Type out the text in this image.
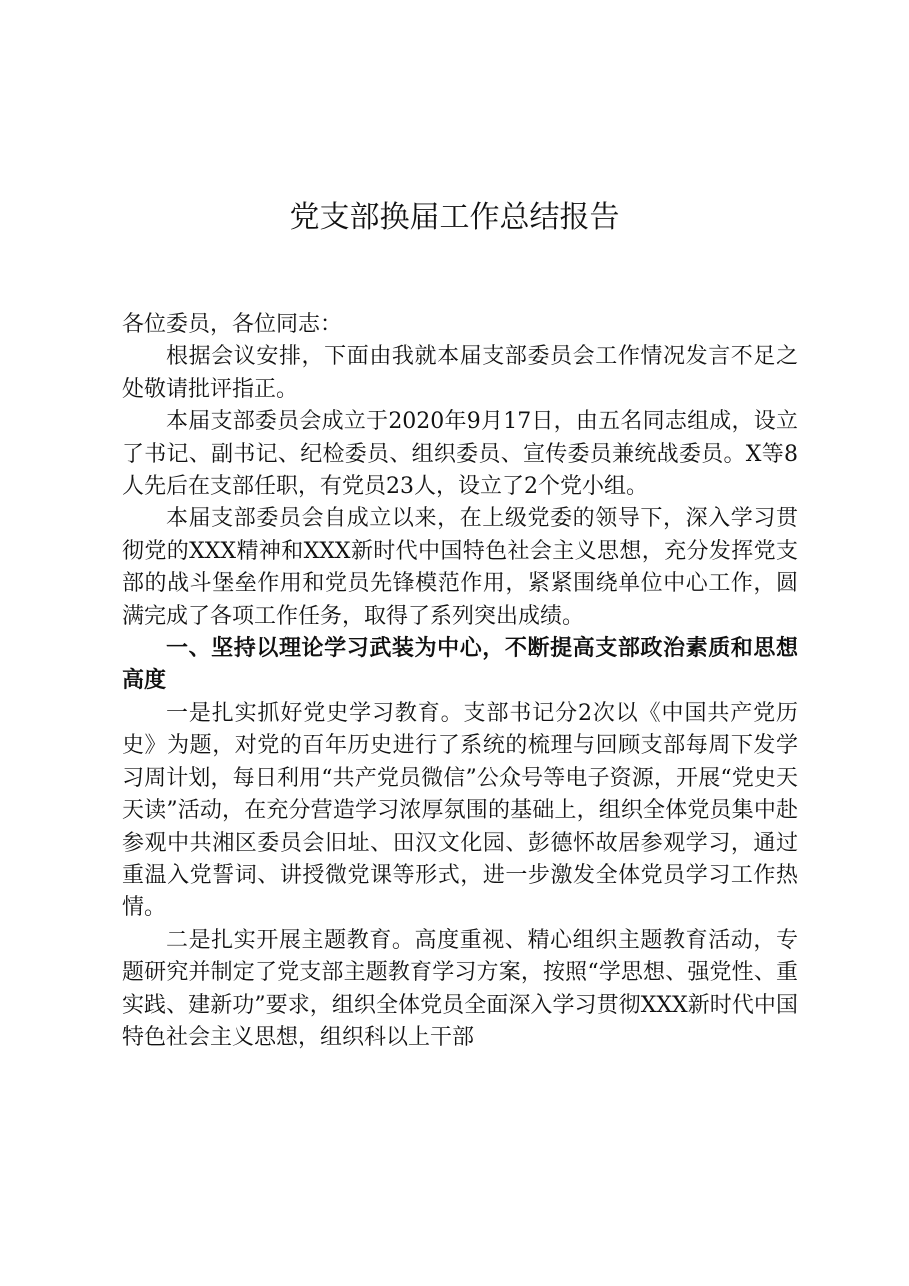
党支部换届工作总结报告

各位委员，各位同志：

根据会议安排，下面由我就本届支部委员会工作情况发言不足之处敬请批评指正。

本届支部委员会成立于2020年9月17日，由五名同志组成，设立了书记、副书记、纪检委员、组织委员、宣传委员兼统战委员。X等8人先后在支部任职，有党员23人，设立了2个党小组。

本届支部委员会自成立以来，在上级党委的领导下，深入学习贯彻党的XXX精神和XXX新时代中国特色社会主义思想，充分发挥党支部的战斗堡垒作用和党员先锋模范作用，紧紧围绕单位中心工作，圆满完成了各项工作任务，取得了系列突出成绩。

一、坚持以理论学习武装为中心，不断提高支部政治素质和思想高度

一是扎实抓好党史学习教育。支部书记分2次以《中国共产党历史》为题，对党的百年历史进行了系统的梳理与回顾支部每周下发学习周计划，每日利用“共产党员微信”公众号等电子资源，开展“党史天天读”活动，在充分营造学习浓厚氛围的基础上，组织全体党员集中赴参观中共湘区委员会旧址、田汉文化园、彭德怀故居参观学习，通过重温入党誓词、讲授微党课等形式，进一步激发全体党员学习工作热情。

二是扎实开展主题教育。高度重视、精心组织主题教育活动，专题研究并制定了党支部主题教育学习方案，按照“学思想、强党性、重实践、建新功”要求，组织全体党员全面深入学习贯彻XXX新时代中国特色社会主义思想，组织科以上干部
